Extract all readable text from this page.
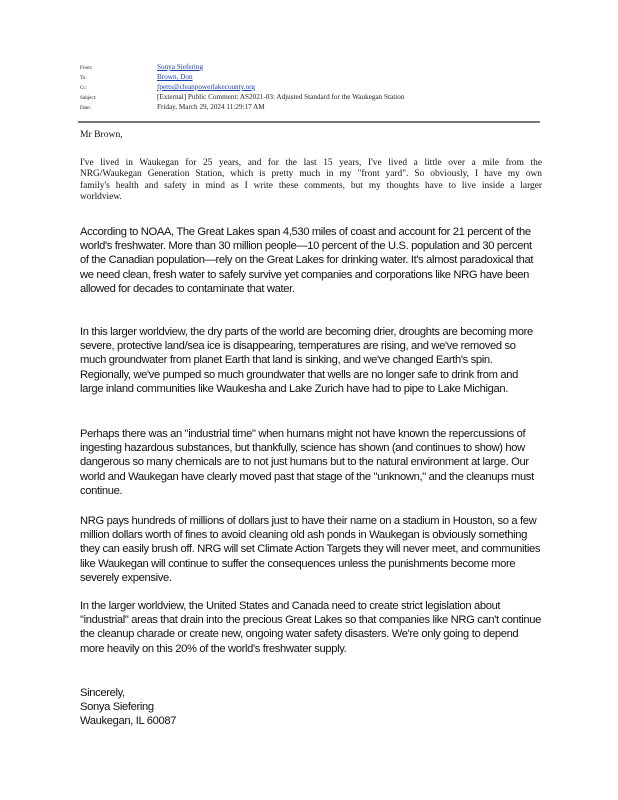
From:	Sonya Siefering
To:	Brown, Don
Cc:	fpetts@cleanpowerlakecounty.org
Subject:	[External] Public Comment: AS2021-03: Adjusted Standard for the Waukegan Station
Date:	Friday, March 29, 2024 11:29:17 AM
Mr Brown,

I've lived in Waukegan for 25 years, and for the last 15 years, I've lived a little over a mile from the NRG/Waukegan Generation Station, which is pretty much in my "front yard". So obviously, I have my own family's health and safety in mind as I write these comments, but my thoughts have to live inside a larger worldview.

According to NOAA, The Great Lakes span 4,530 miles of coast and account for 21 percent of the world's freshwater. More than 30 million people—10 percent of the U.S. population and 30 percent of the Canadian population—rely on the Great Lakes for drinking water. It's almost paradoxical that we need clean, fresh water to safely survive yet companies and corporations like NRG have been allowed for decades to contaminate that water.

In this larger worldview, the dry parts of the world are becoming drier, droughts are becoming more severe, protective land/sea ice is disappearing, temperatures are rising, and we've removed so much groundwater from planet Earth that land is sinking, and we've changed Earth's spin. Regionally, we've pumped so much groundwater that wells are no longer safe to drink from and large inland communities like Waukesha and Lake Zurich have had to pipe to Lake Michigan.

Perhaps there was an "industrial time" when humans might not have known the repercussions of ingesting hazardous substances, but thankfully, science has shown (and continues to show) how dangerous so many chemicals are to not just humans but to the natural environment at large. Our world and Waukegan have clearly moved past that stage of the "unknown," and the cleanups must continue.

NRG pays hundreds of millions of dollars just to have their name on a stadium in Houston, so a few million dollars worth of fines to avoid cleaning old ash ponds in Waukegan is obviously something they can easily brush off. NRG will set Climate Action Targets they will never meet, and communities like Waukegan will continue to suffer the consequences unless the punishments become more severely expensive.

In the larger worldview, the United States and Canada need to create strict legislation about "industrial" areas that drain into the precious Great Lakes so that companies like NRG can't continue the cleanup charade or create new, ongoing water safety disasters. We're only going to depend more heavily on this 20% of the world's freshwater supply.

Sincerely,
Sonya Siefering
Waukegan, IL 60087
